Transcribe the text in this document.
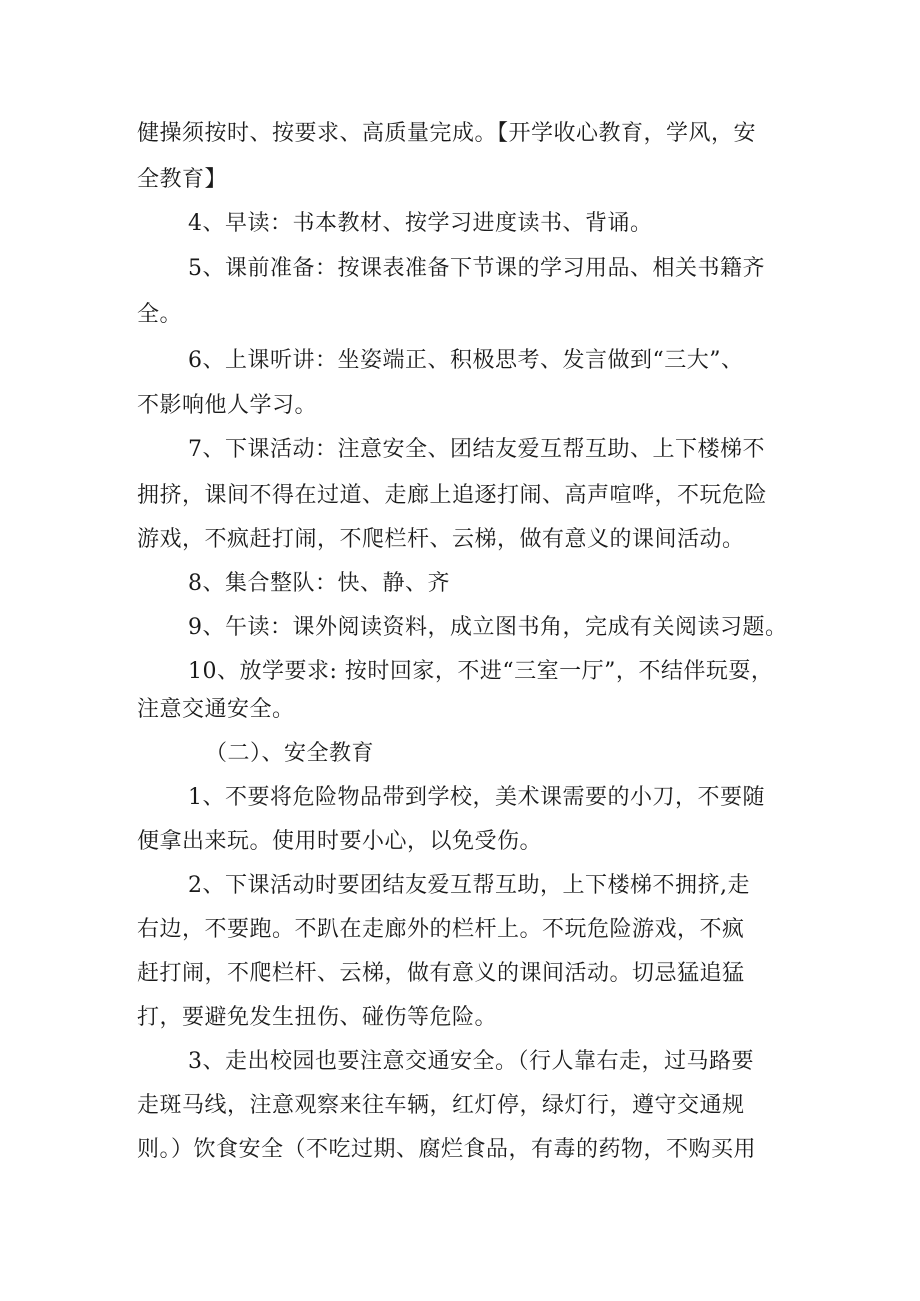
健操须按时、按要求、高质量完成。【开学收心教育，学风，安
全教育】
4、早读：书本教材、按学习进度读书、背诵。
5、课前准备：按课表准备下节课的学习用品、相关书籍齐
全。
6、上课听讲：坐姿端正、积极思考、发言做到“三大”、
不影响他人学习。
7、下课活动：注意安全、团结友爱互帮互助、上下楼梯不
拥挤，课间不得在过道、走廊上追逐打闹、高声喧哗，不玩危险
游戏，不疯赶打闹，不爬栏杆、云梯，做有意义的课间活动。
8、集合整队：快、静、齐
9、午读：课外阅读资料，成立图书角，完成有关阅读习题。
10、放学要求: 按时回家，不进“三室一厅”，不结伴玩耍，
注意交通安全。
（二）、安全教育
1、不要将危险物品带到学校，美术课需要的小刀，不要随
便拿出来玩。使用时要小心，以免受伤。
2、下课活动时要团结友爱互帮互助，上下楼梯不拥挤,走
右边，不要跑。不趴在走廊外的栏杆上。不玩危险游戏，不疯
赶打闹，不爬栏杆、云梯，做有意义的课间活动。切忌猛追猛
打，要避免发生扭伤、碰伤等危险。
3、走出校园也要注意交通安全。（行人靠右走，过马路要
走斑马线，注意观察来往车辆，红灯停，绿灯行，遵守交通规
则。）饮食安全（不吃过期、腐烂食品，有毒的药物，不购买用
